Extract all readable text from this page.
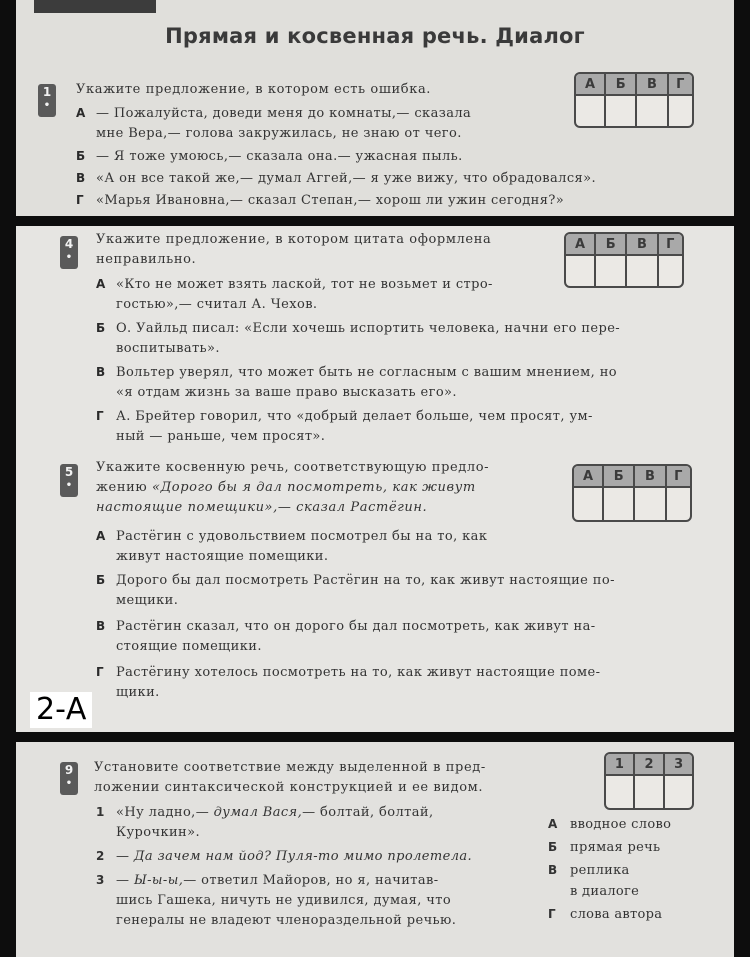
Прямая и косвенная речь. Диалог
1
•
Укажите предложение, в котором есть ошибка.	А	Б	В	Г

А — Пожалуйста, доведи меня до комнаты,— сказала
мне Вера,— голова закружилась, не знаю от чего.
Б — Я тоже умоюсь,— сказала она.— ужасная пыль.
В «А он все такой же,— думал Аггей,— я уже вижу, что обрадовался».
Г «Марья Ивановна,— сказал Степан,— хорош ли ужин сегодня?»
4
•
Укажите предложение, в котором цитата оформлена
неправильно.
А	Б	В	Г

А «Кто не может взять лаской, тот не возьмет и стро-
гостью»,— считал А. Чехов.
Б О. Уайльд писал: «Если хочешь испортить человека, начни его пере-
воспитывать».
В Вольтер уверял, что может быть не согласным с вашим мнением, но
«я отдам жизнь за ваше право высказать его».
Г А. Брейтер говорил, что «добрый делает больше, чем просят, ум-
ный — раньше, чем просят».
5
•
Укажите косвенную речь, соответствующую предло-
жению «Дорого бы я дал посмотреть, как живут
настоящие помещики»,— сказал Растёгин.
А	Б	В	Г

А Растёгин с удовольствием посмотрел бы на то, как
живут настоящие помещики.
Б Дорого бы дал посмотреть Растёгин на то, как живут настоящие по-
мещики.
В Растёгин сказал, что он дорого бы дал посмотреть, как живут на-
стоящие помещики.
Г Растёгину хотелось посмотреть на то, как живут настоящие поме-
щики.
2-А
9
•
Установите соответствие между выделенной в пред-
ложении синтаксической конструкцией и ее видом.
1	2	3

1 «Ну ладно,— думал Вася,— болтай, болтай,
Курочкин».
2 — Да зачем нам йод? Пуля-то мимо пролетела.
3 — Ы-ы-ы,— ответил Майоров, но я, начитав-
шись Гашека, ничуть не удивился, думая, что
генералы не владеют членораздельной речью.
А вводное слово
Б прямая речь
В реплика
в диалоге
Г слова автора
